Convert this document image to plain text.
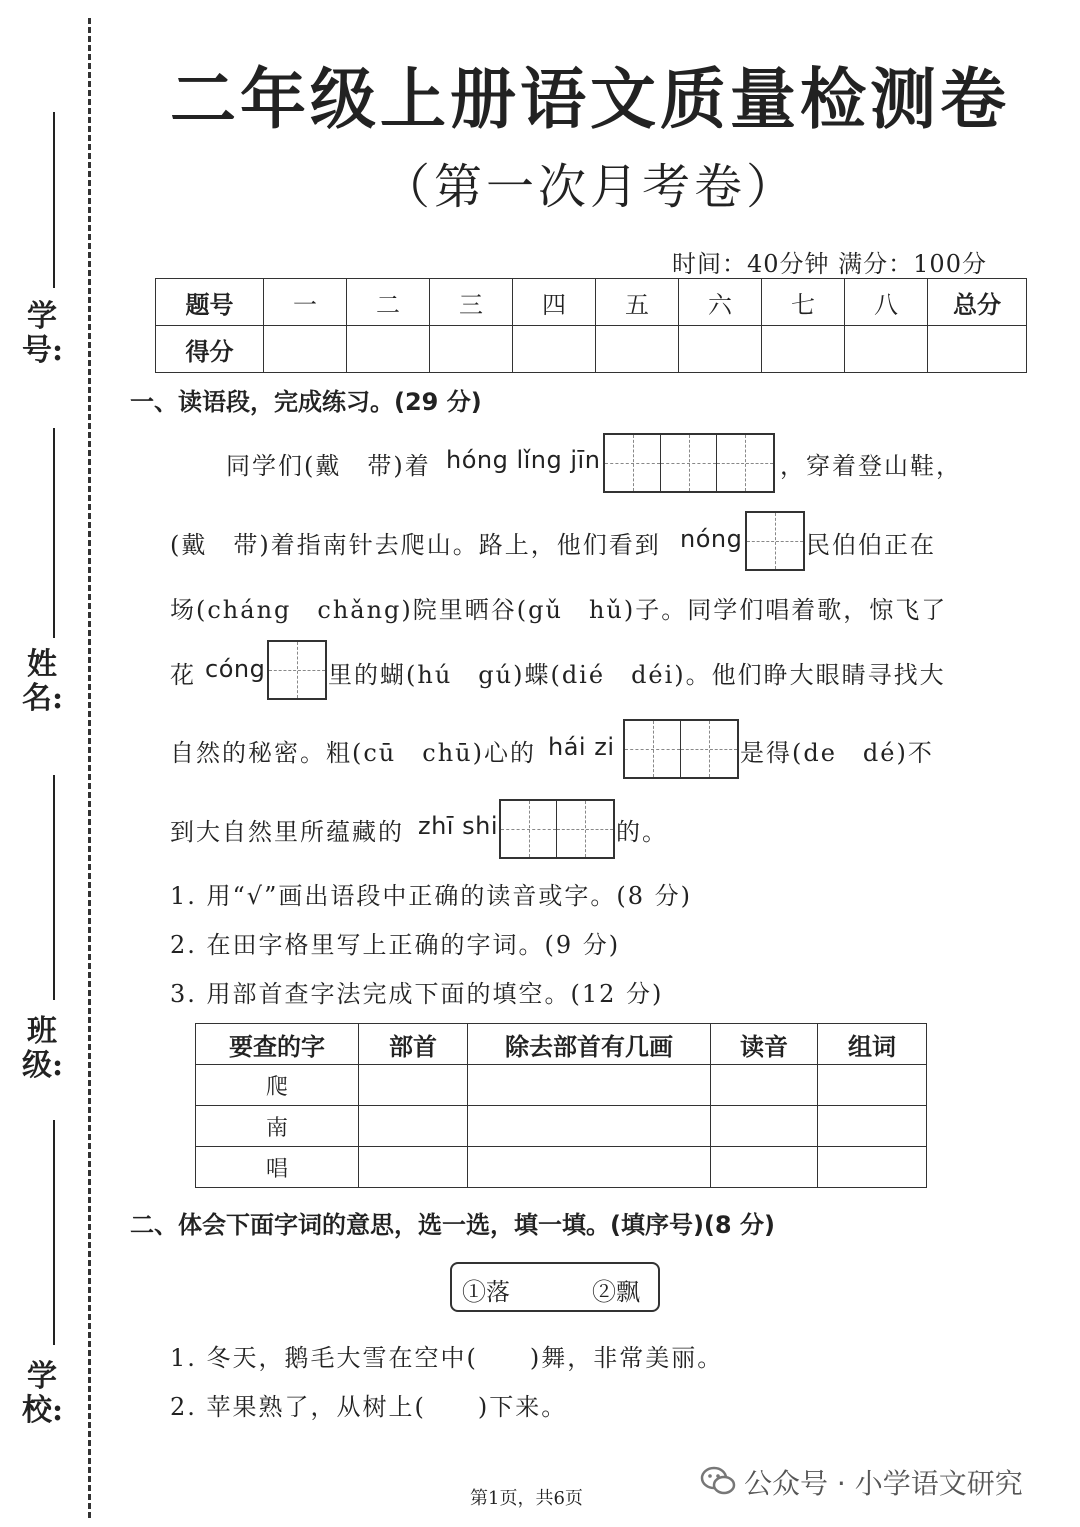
学号:
姓名:
班级:
学校:
二年级上册语文质量检测卷
（第一次月考卷）
时间：40分钟 满分：100分
题号	一	二	三	四	五	六	七	八	总分
得分									
一、读语段，完成练习。(29 分)
同学们(戴　带)着 hóng lǐng jīn	，穿着登山鞋，
(戴　带)着指南针去爬山。路上，他们看到 nóng	民伯伯正在
场(cháng　chǎng)院里晒谷(gǔ　hǔ)子。同学们唱着歌，惊飞了
花 cóng	里的蝴(hú　gú)蝶(dié　déi)。他们睁大眼睛寻找大
自然的秘密。粗(cū　chū)心的 hái zi	是得(de　dé)不
到大自然里所蕴藏的 zhī shi	的。
1. 用“√”画出语段中正确的读音或字。(8 分)
2. 在田字格里写上正确的字词。(9 分)
3. 用部首查字法完成下面的填空。(12 分)
要查的字	部首	除去部首有几画	读音	组词
爬				
南				
唱				
二、体会下面字词的意思，选一选，填一填。(填序号)(8 分)
①落	②飘
1. 冬天，鹅毛大雪在空中(　　)舞，非常美丽。
2. 苹果熟了，从树上(　　)下来。
第1页，共6页	公众号 · 小学语文研究
